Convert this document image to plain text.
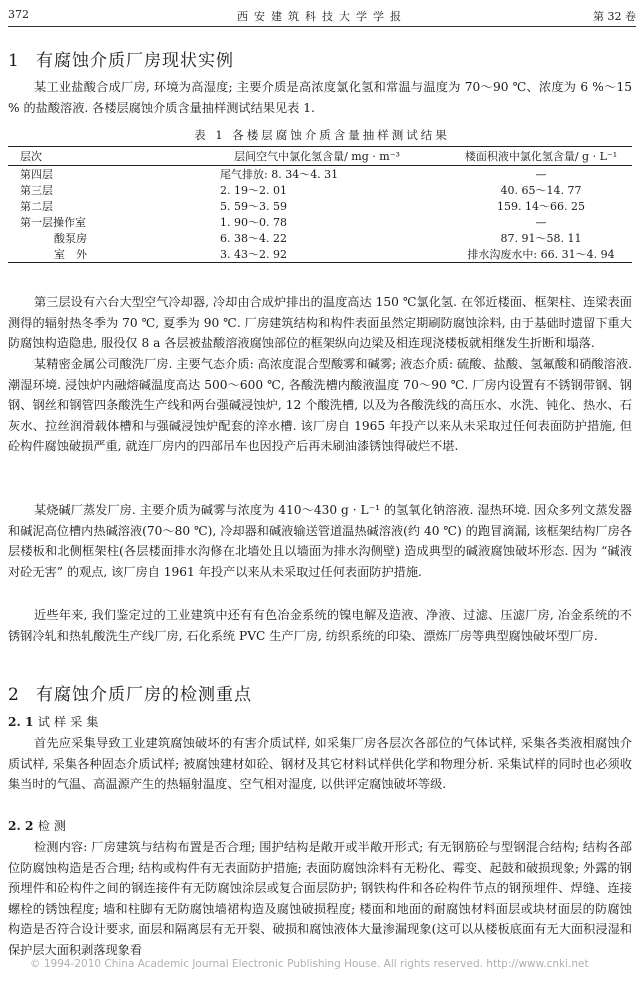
372	西安建筑科技大学学报	第 32 卷
1 有腐蚀介质厂房现状实例

某工业盐酸合成厂房, 环境为高湿度; 主要介质是高浓度氯化氢和常温与温度为 70～90 ℃、浓度为 6 %～15 % 的盐酸溶液. 各楼层腐蚀介质含量抽样测试结果见表 1.

表 1 各楼层腐蚀介质含量抽样测试结果
层次	层间空气中氯化氢含量/ mg · m⁻³	楼面积液中氯化氢含量/ g · L⁻¹
第四层	尾气排放: 8. 34～4. 31	—
第三层	2. 19～2. 01	40. 65～14. 77
第二层	5. 59～3. 59	159. 14～66. 25
第一层操作室	1. 90～0. 78	—
酸泵房	6. 38～4. 22	87. 91～58. 11
室　外	3. 43～2. 92	排水沟废水中: 66. 31～4. 94

第三层设有六台大型空气冷却器, 冷却由合成炉排出的温度高达 150 ℃氯化氢. 在邻近楼面、框架柱、连梁表面测得的辐射热冬季为 70 ℃, 夏季为 90 ℃. 厂房建筑结构和构件表面虽然定期刷防腐蚀涂料, 由于基础时遗留下重大防腐蚀构造隐患, 服役仅 8 a 各层被盐酸溶液腐蚀部位的框架纵向边梁及相连现浇楼板就相继发生折断和塌落.

某精密金属公司酸洗厂房. 主要气态介质: 高浓度混合型酸雾和碱雾; 液态介质: 硫酸、盐酸、氢氟酸和硝酸溶液. 潮湿环境. 浸蚀炉内融熔碱温度高达 500～600 ℃, 各酸洗槽内酸液温度 70～90 ℃. 厂房内设置有不锈钢带钢、钢钢、钢丝和钢管四条酸洗生产线和两台强碱浸蚀炉, 12 个酸洗槽, 以及为各酸洗线的高压水、水洗、钝化、热水、石灰水、拉丝润滑载体槽和与强碱浸蚀炉配套的淬水槽. 该厂房自 1965 年投产以来从未采取过任何表面防护措施, 但砼构件腐蚀破损严重, 就连厂房内的四部吊车也因投产后再未刷油漆锈蚀得破烂不堪.

某烧碱厂蒸发厂房. 主要介质为碱雾与浓度为 410～430 g · L⁻¹ 的氢氧化钠溶液. 湿热环境. 因众多列文蒸发器和碱泥高位槽内热碱溶液(70～80 ℃), 冷却器和碱液输送管道温热碱溶液(约 40 ℃) 的跑冒滴漏, 该框架结构厂房各层楼板和北侧框架柱(各层楼面排水沟修在北墙处且以墙面为排水沟侧壁) 造成典型的碱液腐蚀破坏形态. 因为 “碱液对砼无害” 的观点, 该厂房自 1961 年投产以来从未采取过任何表面防护措施.

近些年来, 我们鉴定过的工业建筑中还有有色冶金系统的镍电解及造液、净液、过滤、压滤厂房, 冶金系统的不锈钢冷轧和热轧酸洗生产线厂房, 石化系统 PVC 生产厂房, 纺织系统的印染、漂炼厂房等典型腐蚀破坏型厂房.

2 有腐蚀介质厂房的检测重点
2. 1 试样采集

首先应采集导致工业建筑腐蚀破坏的有害介质试样, 如采集厂房各层次各部位的气体试样, 采集各类液相腐蚀介质试样, 采集各种固态介质试样; 被腐蚀建材如砼、钢材及其它材料试样供化学和物理分析. 采集试样的同时也必须收集当时的气温、高温源产生的热辐射温度、空气相对湿度, 以供评定腐蚀破坏等级.

2. 2 检测

检测内容: 厂房建筑与结构布置是否合理; 围护结构是敞开或半敞开形式; 有无钢筋砼与型钢混合结构; 结构各部位防腐蚀构造是否合理; 结构或构件有无表面防护措施; 表面防腐蚀涂料有无粉化、霉变、起鼓和破损现象; 外露的钢预埋件和砼构件之间的钢连接件有无防腐蚀涂层或复合面层防护; 钢铁构件和各砼构件节点的钢预埋件、焊缝、连接螺栓的锈蚀程度; 墙和柱脚有无防腐蚀墙裙构造及腐蚀破损程度; 楼面和地面的耐腐蚀材料面层或块材面层的防腐蚀构造是否符合设计要求, 面层和隔离层有无开裂、破损和腐蚀液体大量渗漏现象(这可以从楼板底面有无大面积浸湿和保护层大面积剥落现象看

© 1994-2010 China Academic Journal Electronic Publishing House. All rights reserved. http://www.cnki.net
